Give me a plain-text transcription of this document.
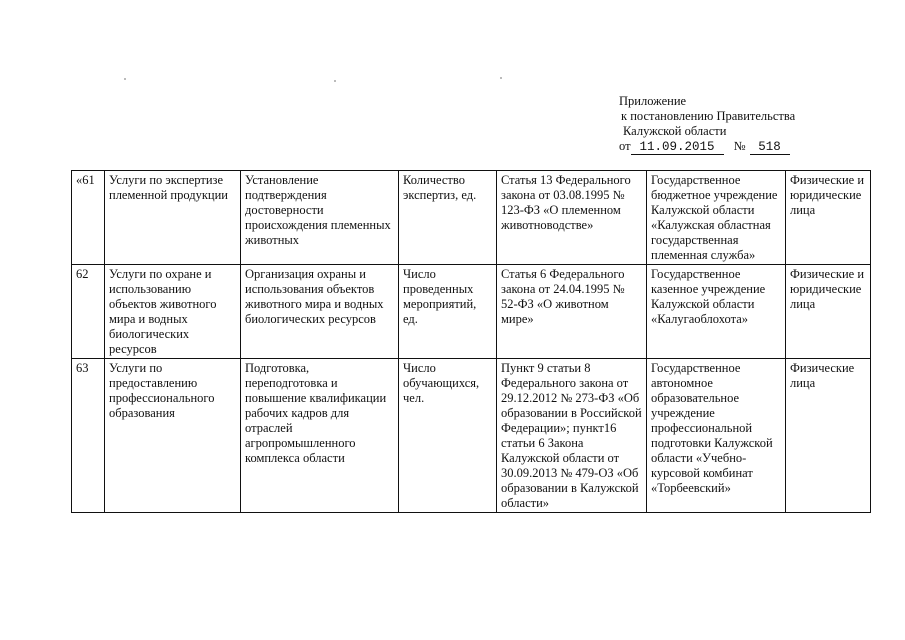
Приложение
к постановлению Правительства
Калужской области
от 11.09.2015 № 518
«61	Услуги по экспертизе племенной продукции	Установление подтверждения достоверности происхождения племенных животных	Количество экспертиз, ед.	Статья 13 Федерального закона от 03.08.1995 № 123-ФЗ «О племенном животноводстве»	Государственное бюджетное учреждение Калужской области «Калужская областная государственная племенная служба»	Физические и юридические лица
62	Услуги по охране и использованию объектов животного мира и водных биологических ресурсов	Организация охраны и использования объектов животного мира и водных биологических ресурсов	Число проведенных мероприятий, ед.	Статья 6 Федерального закона от 24.04.1995 № 52-ФЗ «О животном мире»	Государственное казенное учреждение Калужской области «Калугаоблохота»	Физические и юридические лица
63	Услуги по предоставлению профессионального образования	Подготовка, переподготовка и повышение квалификации рабочих кадров для отраслей агропромышленного комплекса области	Число обучающихся, чел.	Пункт 9 статьи 8 Федерального закона от 29.12.2012 № 273-ФЗ «Об образовании в Российской Федерации»; пункт16 статьи 6 Закона Калужской области от 30.09.2013 № 479-ОЗ «Об образовании в Калужской области»	Государственное автономное образовательное учреждение профессиональной подготовки Калужской области «Учебно-курсовой комбинат «Торбеевский»	Физические лица
